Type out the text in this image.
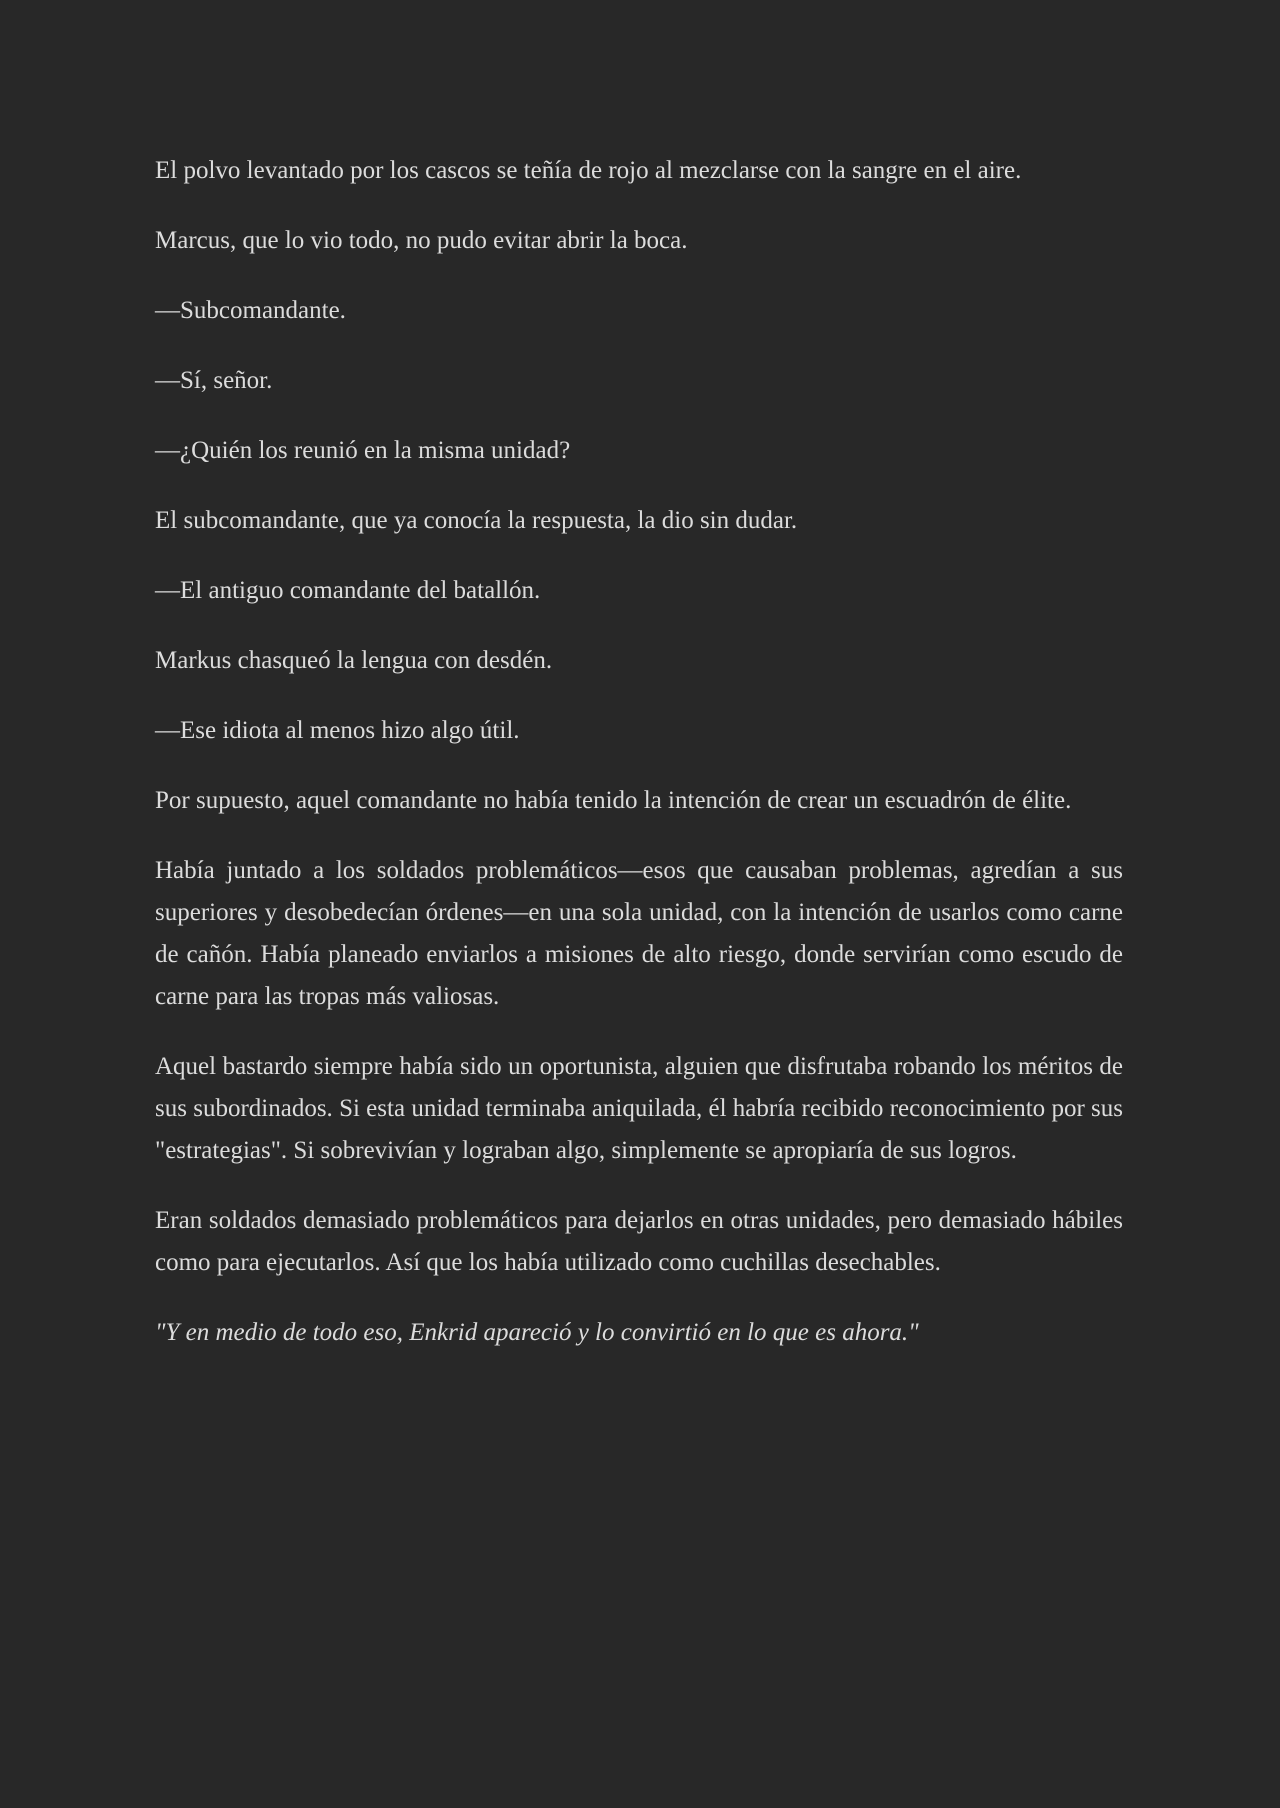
El polvo levantado por los cascos se teñía de rojo al mezclarse con la sangre en el aire.

Marcus, que lo vio todo, no pudo evitar abrir la boca.

—Subcomandante.

—Sí, señor.

—¿Quién los reunió en la misma unidad?

El subcomandante, que ya conocía la respuesta, la dio sin dudar.

—El antiguo comandante del batallón.

Markus chasqueó la lengua con desdén.

—Ese idiota al menos hizo algo útil.

Por supuesto, aquel comandante no había tenido la intención de crear un escuadrón de élite.

Había juntado a los soldados problemáticos—esos que causaban problemas, agredían a sus superiores y desobedecían órdenes—en una sola unidad, con la intención de usarlos como carne de cañón. Había planeado enviarlos a misiones de alto riesgo, donde servirían como escudo de carne para las tropas más valiosas.

Aquel bastardo siempre había sido un oportunista, alguien que disfrutaba robando los méritos de sus subordinados. Si esta unidad terminaba aniquilada, él habría recibido reconocimiento por sus "estrategias". Si sobrevivían y lograban algo, simplemente se apropiaría de sus logros.

Eran soldados demasiado problemáticos para dejarlos en otras unidades, pero demasiado hábiles como para ejecutarlos. Así que los había utilizado como cuchillas desechables.

"Y en medio de todo eso, Enkrid apareció y lo convirtió en lo que es ahora."
